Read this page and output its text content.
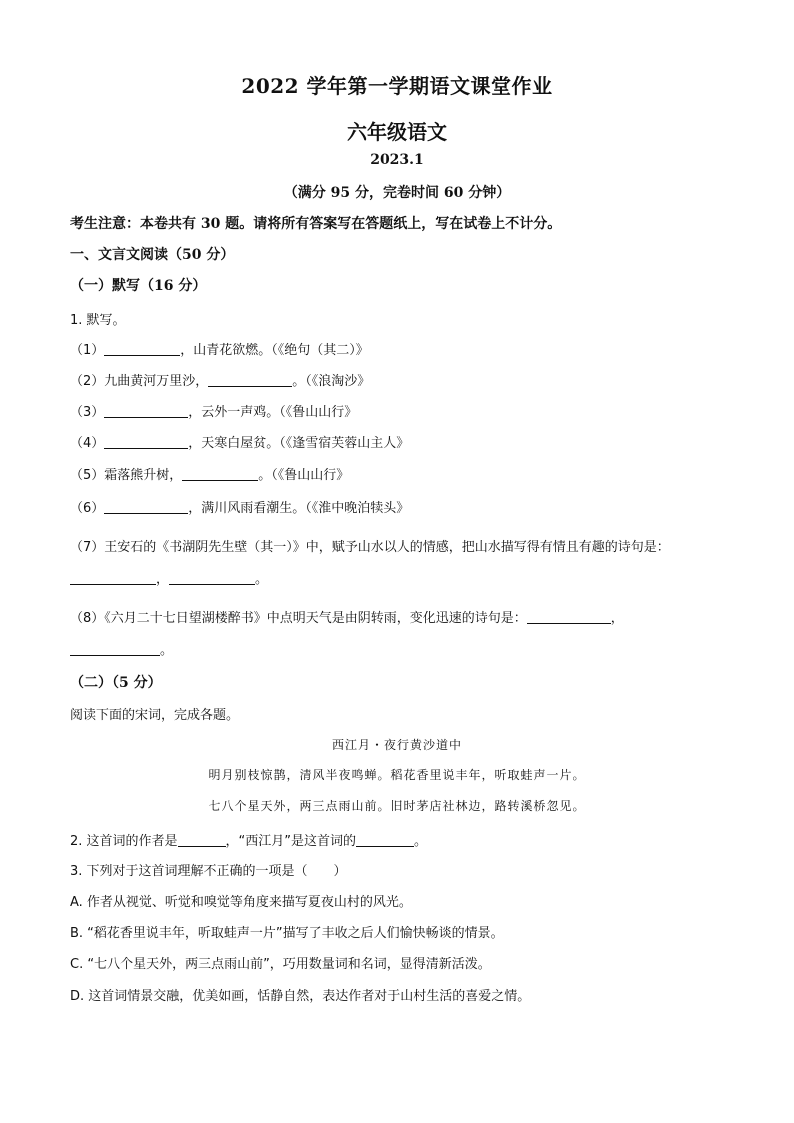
2022 学年第一学期语文课堂作业
六年级语文
2023.1
（满分 95 分，完卷时间 60 分钟）
考生注意：本卷共有 30 题。请将所有答案写在答题纸上，写在试卷上不计分。
一、文言文阅读（50 分）
（一）默写（16 分）
1. 默写。
（1）	，山青花欲燃。（《绝句（其二）》
（2）九曲黄河万里沙，	。（《浪淘沙》
（3）	，云外一声鸡。（《鲁山山行》
（4）	，天寒白屋贫。（《逢雪宿芙蓉山主人》
（5）霜落熊升树，	。（《鲁山山行》
（6）	，满川风雨看潮生。（《淮中晚泊犊头》
（7）王安石的《书湖阴先生壁（其一）》中，赋予山水以人的情感，把山水描写得有情且有趣的诗句是：
，	。
（8）《六月二十七日望湖楼醉书》中点明天气是由阴转雨，变化迅速的诗句是：	，
。
（二）（5 分）
阅读下面的宋词，完成各题。
西江月・夜行黄沙道中
明月别枝惊鹊，清风半夜鸣蝉。稻花香里说丰年，听取蛙声一片。
七八个星天外，两三点雨山前。旧时茅店社林边，路转溪桥忽见。
2. 这首词的作者是	，“西江月”是这首词的	。
3. 下列对于这首词理解不正确的一项是（　　）
A. 作者从视觉、听觉和嗅觉等角度来描写夏夜山村的风光。
B. “稻花香里说丰年，听取蛙声一片”描写了丰收之后人们愉快畅谈的情景。
C. “七八个星天外，两三点雨山前”，巧用数量词和名词，显得清新活泼。
D. 这首词情景交融，优美如画，恬静自然，表达作者对于山村生活的喜爱之情。
